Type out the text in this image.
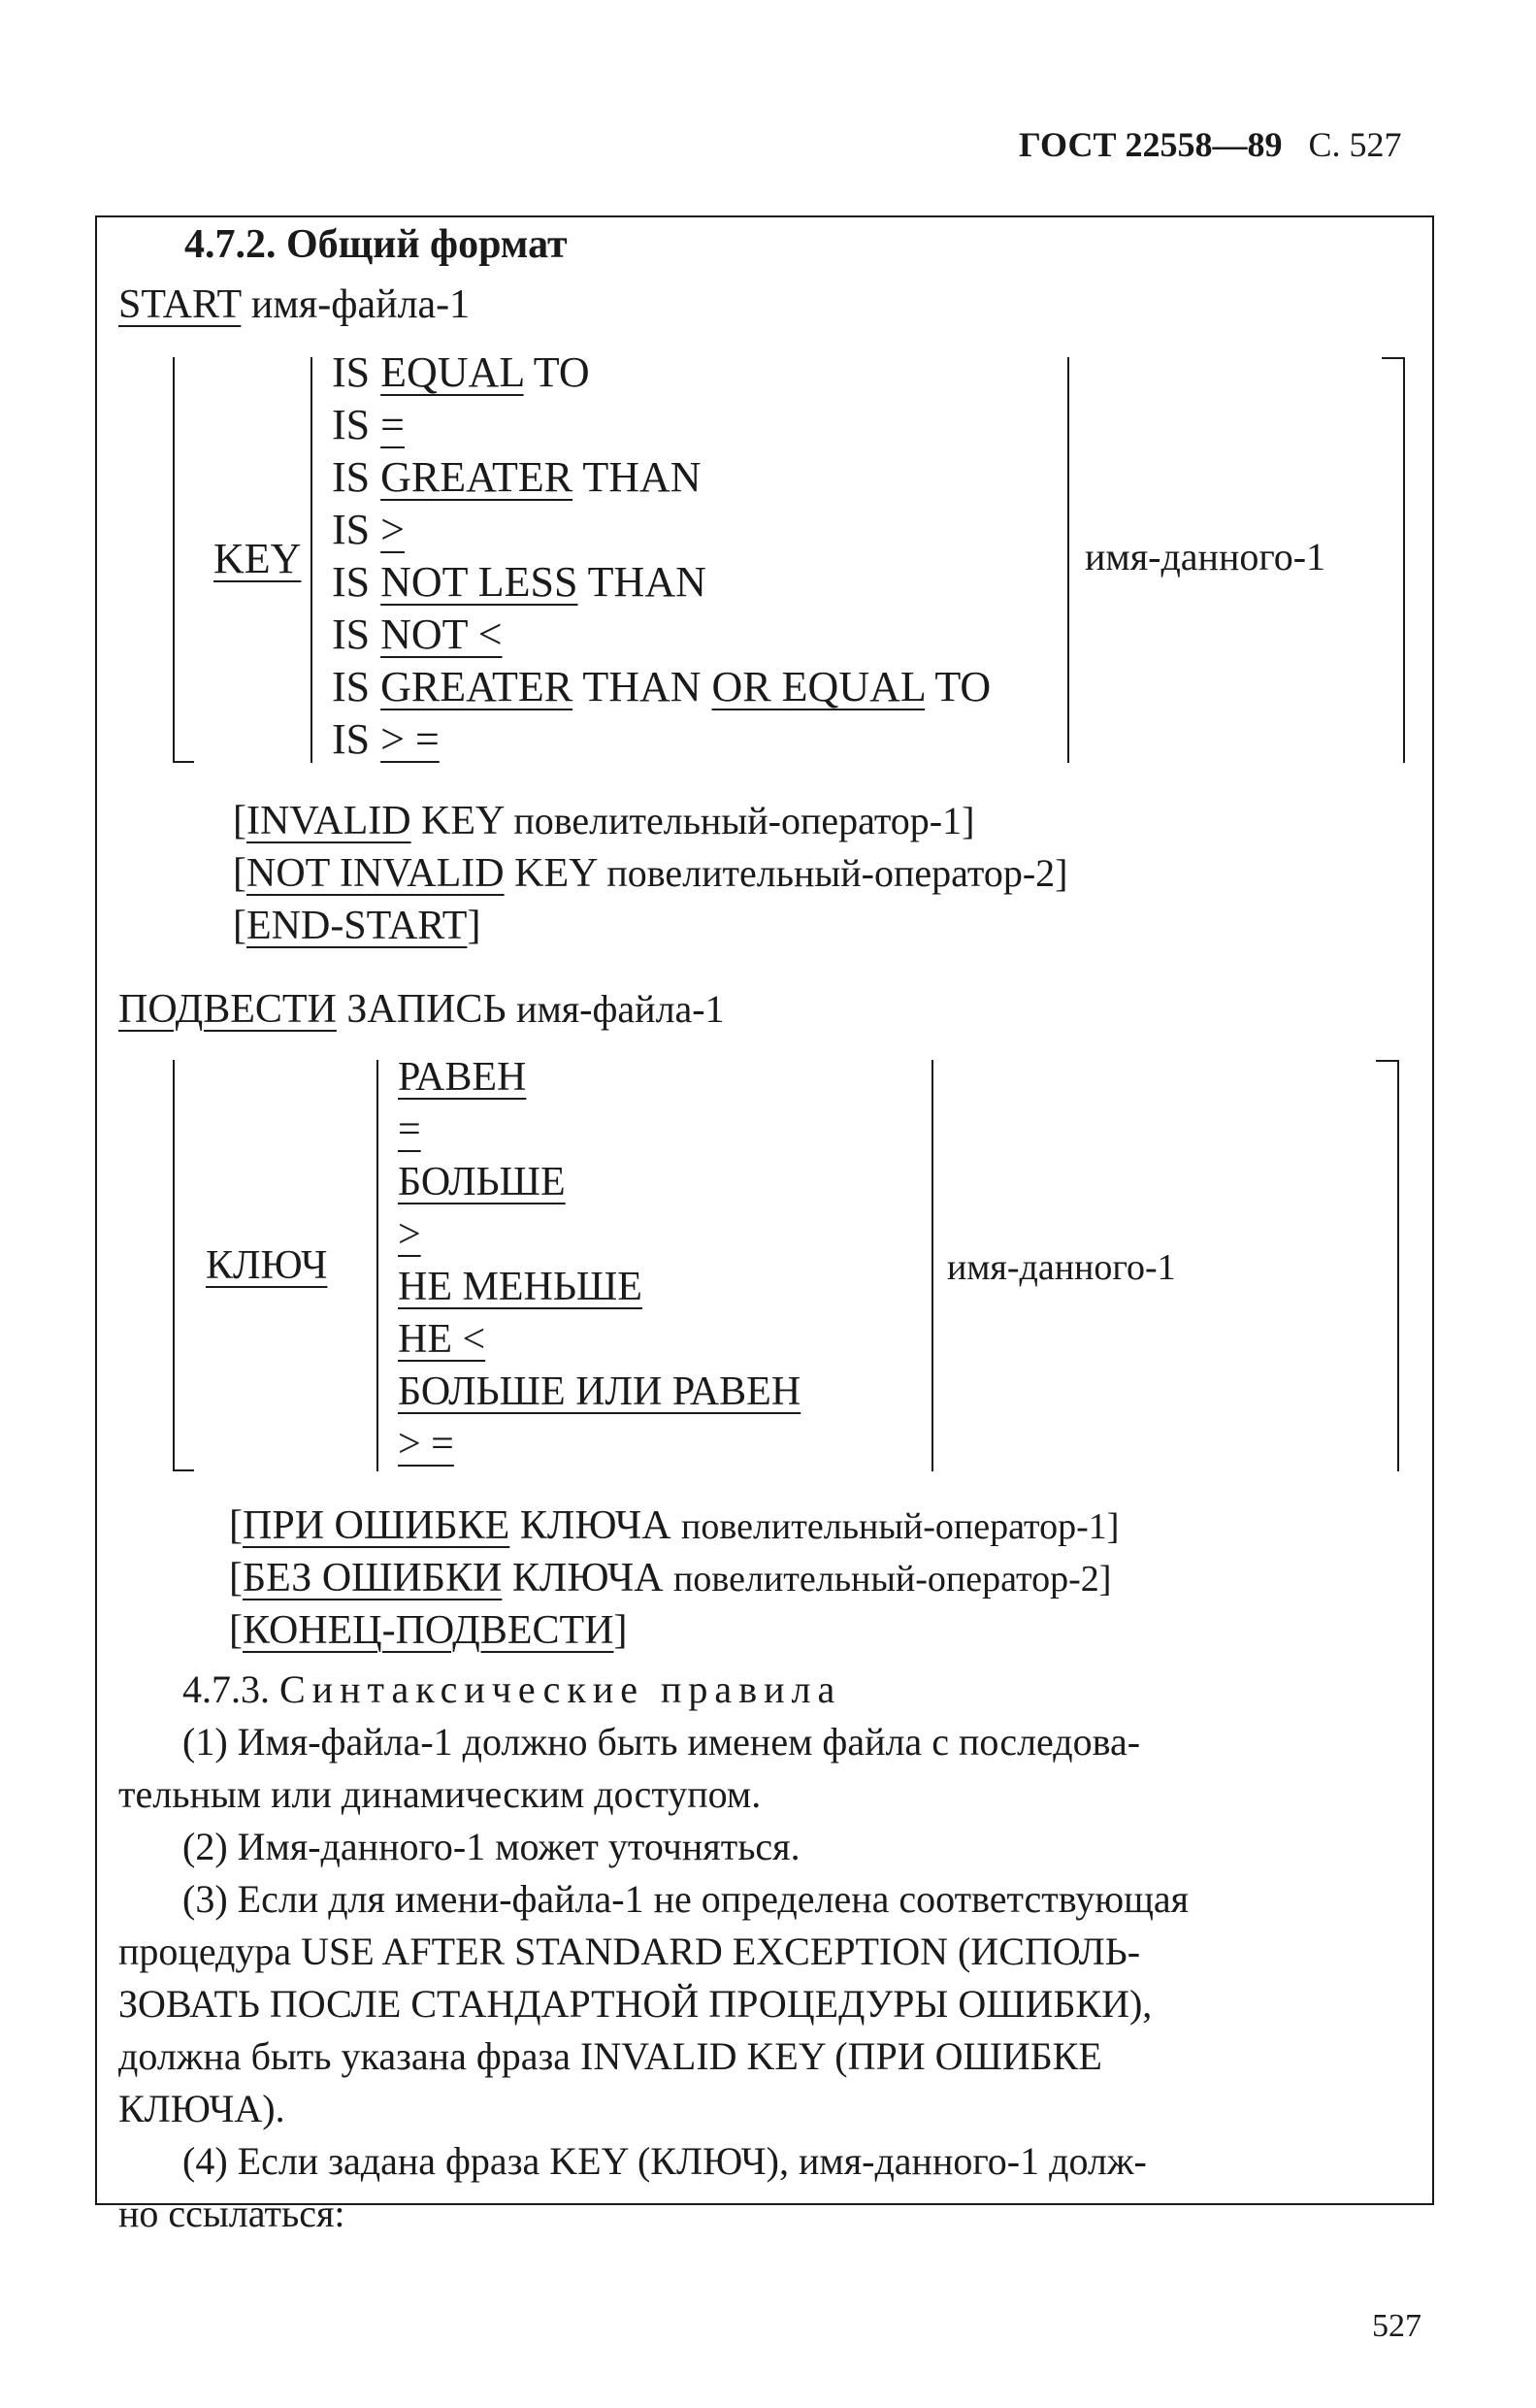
ГОСТ 22558—89 С. 527
4.7.2. Общий формат
START имя-файла-1
KEY
IS EQUAL TO
IS =
IS GREATER THAN
IS >
IS NOT LESS THAN
IS NOT <
IS GREATER THAN OR EQUAL TO
IS > =
имя-данного-1
[INVALID KEY повелительный-оператор-1]
[NOT INVALID KEY повелительный-оператор-2]
[END-START]
ПОДВЕСТИ ЗАПИСЬ имя-файла-1
КЛЮЧ
РАВЕН
=
БОЛЬШЕ
>
НЕ МЕНЬШЕ
НЕ <
БОЛЬШЕ ИЛИ РАВЕН
> =
имя-данного-1
[ПРИ ОШИБКЕ КЛЮЧА повелительный-оператор-1]
[БЕЗ ОШИБКИ КЛЮЧА повелительный-оператор-2]
[КОНЕЦ-ПОДВЕСТИ]
4.7.3. Синтаксические правила
(1) Имя-файла-1 должно быть именем файла с последова-
тельным или динамическим доступом.
(2) Имя-данного-1 может уточняться.
(3) Если для имени-файла-1 не определена соответствующая
процедура USE AFTER STANDARD EXCEPTION (ИСПОЛЬ-
ЗОВАТЬ ПОСЛЕ СТАНДАРТНОЙ ПРОЦЕДУРЫ ОШИБКИ),
должна быть указана фраза INVALID KEY (ПРИ ОШИБКЕ
КЛЮЧА).
(4) Если задана фраза KEY (КЛЮЧ), имя-данного-1 долж-
но ссылаться:
527
